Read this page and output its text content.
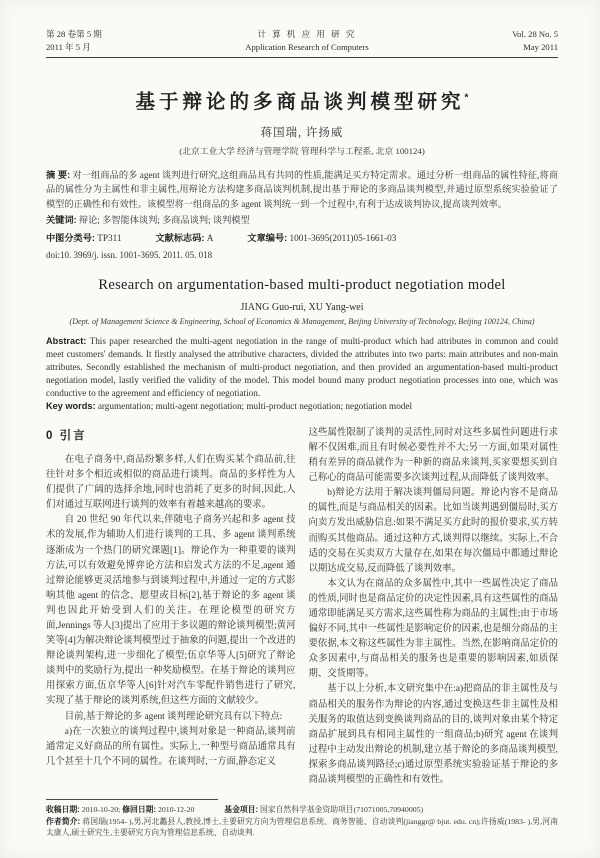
第 28 卷第 5 期
2011 年 5 月
计 算 机 应 用 研 究
Application Research of Computers
Vol. 28 No. 5
May 2011
基于辩论的多商品谈判模型研究*
蒋国瑞, 许扬威
(北京工业大学 经济与管理学院 管理科学与工程系, 北京 100124)
摘 要: 对一组商品的多 agent 谈判进行研究,这组商品具有共同的性质,能满足买方特定需求。通过分析一组商品的属性特征,将商品的属性分为主属性和非主属性,用辩论方法构建多商品谈判机制,提出基于辩论的多商品谈判模型,并通过原型系统实验验证了模型的正确性和有效性。该模型将一组商品的多 agent 谈判统一到一个过程中,有利于达成谈判协议,提高谈判效率。
关键词: 辩论; 多智能体谈判; 多商品谈判; 谈判模型
中图分类号: TP311	文献标志码: A	文章编号: 1001-3695(2011)05-1661-03
doi:10. 3969/j. issn. 1001-3695. 2011. 05. 018
Research on argumentation-based multi-product negotiation model
JIANG Guo-rui, XU Yang-wei
(Dept. of Management Science & Engineering, School of Economics & Management, Beijing University of Technology, Beijing 100124, China)

Abstract: This paper researched the multi-agent negotiation in the range of multi-product which had attributes in common and could meet customers' demands. It firstly analysed the attributive characters, divided the attributes into two parts: main attributes and non-main attributes. Secondly established the mechanism of multi-product negotiation, and then provided an argumentation-based multi-product negotiation model, lastly verified the validity of the model. This model bound many product negotiation processes into one, which was conductive to the agreement and efficiency of negotiation.

Key words: argumentation; multi-agent negotiation; multi-product negotiation; negotiation model

0 引言

在电子商务中,商品纷繁多样,人们在购买某个商品前,往往针对多个相近或相似的商品进行谈判。商品的多样性为人们提供了广阔的选择余地,同时也消耗了更多的时间,因此,人们对通过互联网进行谈判的效率有着越来越高的要求。

自 20 世纪 90 年代以来,伴随电子商务兴起和多 agent 技术的发展,作为辅助人们进行谈判的工具、多 agent 谈判系统逐渐成为一个热门的研究课题[1]。辩论作为一种重要的谈判方法,可以有效避免博弈论方法和启发式方法的不足,agent 通过辩论能够更灵活地参与到谈判过程中,并通过一定的方式影响其他 agent 的信念、愿望或目标[2],基于辩论的多 agent 谈判也因此开始受到人们的关注。在理论模型的研究方面,Jennings 等人[3]提出了应用于多议题的辩论谈判模型;黄河笑等[4]为解决辩论谈判模型过于抽象的问题,提出一个改进的辩论谈判架构,进一步细化了模型;伍京华等人[5]研究了辩论谈判中的奖励行为,提出一种奖励模型。在基于辩论的谈判应用探索方面,伍京华等人[6]针对汽车零配件销售进行了研究,实现了基于辩论的谈判系统,但这些方面的文献较少。

目前,基于辩论的多 agent 谈判理论研究具有以下特点:

a)在一次独立的谈判过程中,谈判对象是一种商品,谈判前通常定义好商品的所有属性。实际上,一种型号商品通常具有几个甚至十几个不同的属性。在谈判时,一方面,静态定义

这些属性限制了谈判的灵活性,同时对这些多属性问题进行求解不仅困难,而且有时候必要性并不大;另一方面,如果对属性稍有差异的商品就作为一种新的商品来谈判,买家要想买到自己称心的商品可能需要多次谈判过程,从而降低了谈判效率。

b)辩论方法用于解决谈判僵局问题。辩论内容不是商品的属性,而是与商品相关的因素。比如当谈判遇到僵局时,买方向卖方发出威胁信息:如果不满足买方此时的报价要求,买方转而购买其他商品。通过这种方式,谈判得以继续。实际上,不合适的交易在买卖双方大量存在,如果在每次僵局中都通过辩论以期达成交易,反而降低了谈判效率。

本文认为在商品的众多属性中,其中一些属性决定了商品的性质,同时也是商品定价的决定性因素,具有这些属性的商品通常即能满足买方需求,这些属性称为商品的主属性;由于市场偏好不同,其中一些属性是影响定价的因素,也是细分商品的主要依据,本文称这些属性为非主属性。当然,在影响商品定价的众多因素中,与商品相关的服务也是重要的影响因素,如质保期、交货期等。

基于以上分析,本文研究集中在:a)把商品的非主属性及与商品相关的服务作为辩论的内容,通过变换这些非主属性及相关服务的取值达到变换谈判商品的目的,谈判对象由某个特定商品扩展到具有相同主属性的一组商品;b)研究 agent 在谈判过程中主动发出辩论的机制,建立基于辩论的多商品谈判模型,探索多商品谈判路径;c)通过原型系统实验验证基于辩论的多商品谈判模型的正确性和有效性。

收稿日期: 2010-10-20; 修回日期: 2010-12-20	基金项目: 国家自然科学基金资助项目(71071005,70940005)
作者简介: 蒋国瑞(1954- ),男,河北蠡县人,教授,博士,主要研究方向为管理信息系统、商务智能、自动谈判(jianggr@ bjut. edu. cn);许扬威(1983- ),男,河南太康人,硕士研究生,主要研究方向为管理信息系统、自动谈判.
